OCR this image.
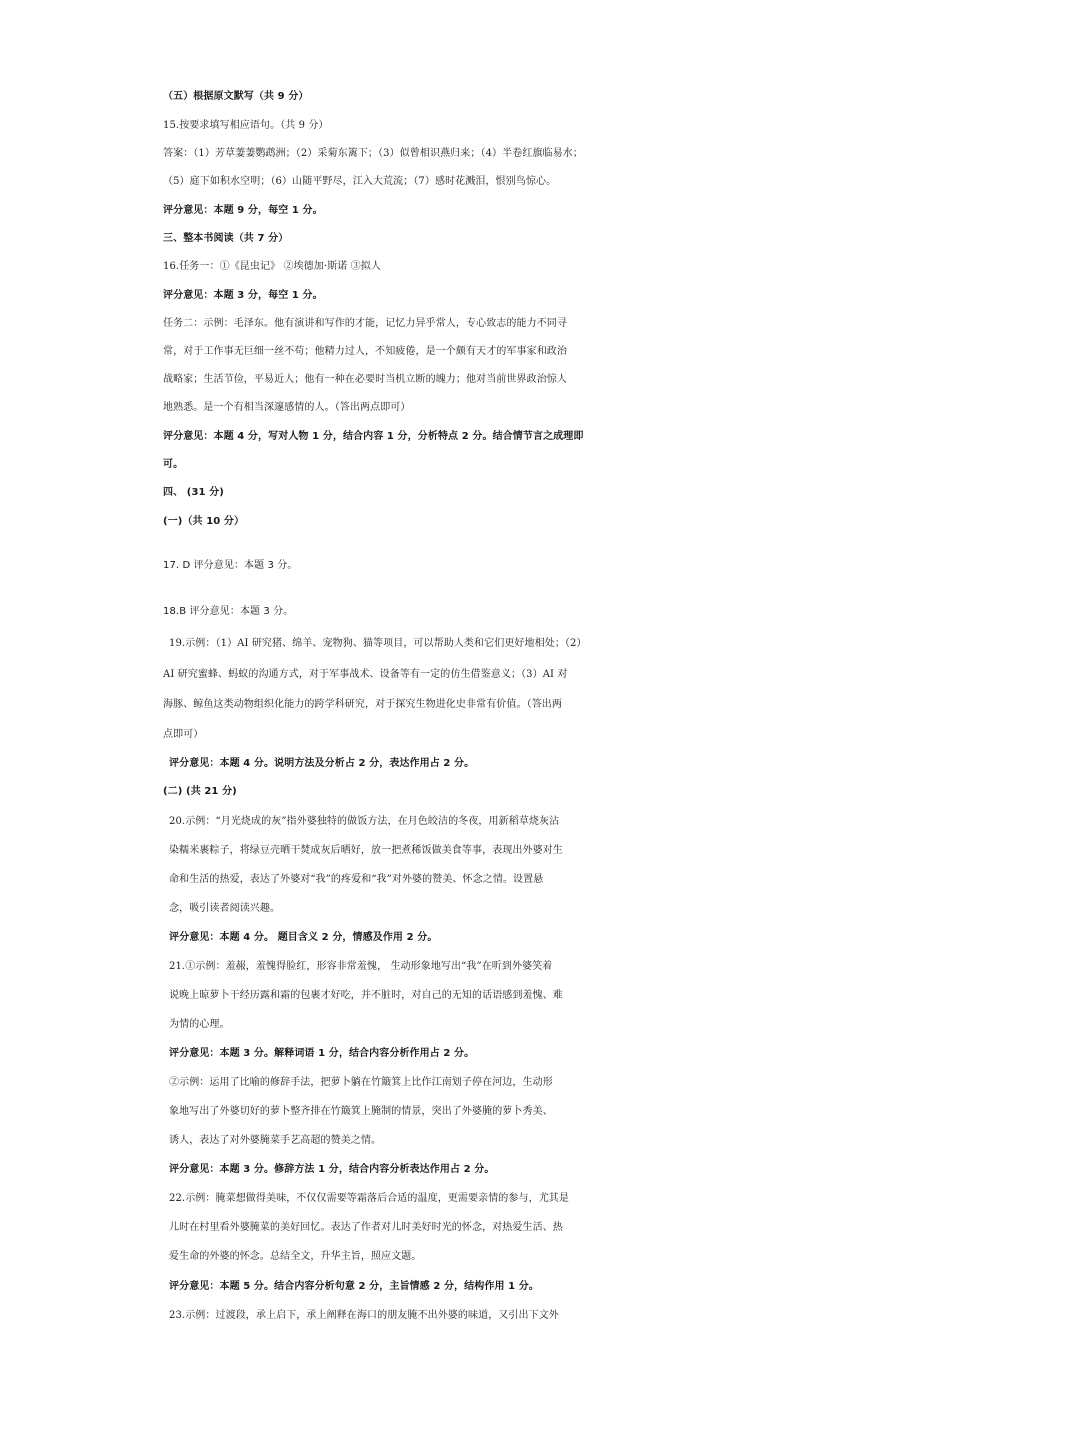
（五）根据原文默写（共 9 分）
15.按要求填写相应语句。（共 9 分）
答案：（1）芳草萋萋鹦鹉洲；（2）采菊东篱下；（3）似曾相识燕归来；（4）半卷红旗临易水；
（5）庭下如积水空明；（6）山随平野尽，江入大荒流；（7）感时花溅泪，恨别鸟惊心。
评分意见：本题 9 分，每空 1 分。
三、整本书阅读（共 7 分）
16.任务一：①《昆虫记》 ②埃德加·斯诺 ③拟人
评分意见：本题 3 分，每空 1 分。
任务二：示例：毛泽东。他有演讲和写作的才能，记忆力异乎常人，专心致志的能力不同寻
常，对于工作事无巨细一丝不苟；他精力过人，不知疲倦，是一个颇有天才的军事家和政治
战略家；生活节俭，平易近人；他有一种在必要时当机立断的魄力；他对当前世界政治惊人
地熟悉。是一个有相当深邃感情的人。（答出两点即可）
评分意见：本题 4 分，写对人物 1 分，结合内容 1 分，分析特点 2 分。结合情节言之成理即
可。
四、 (31 分)
(一)（共 10 分）
17. D 评分意见：本题 3 分。
18.B 评分意见：本题 3 分。
19.示例：（1）AI 研究猪、绵羊、宠物狗、猫等项目，可以帮助人类和它们更好地相处；（2）
AI 研究蜜蜂、蚂蚁的沟通方式，对于军事战术、设备等有一定的仿生借鉴意义；（3）AI 对
海豚、鲸鱼这类动物组织化能力的跨学科研究，对于探究生物进化史非常有价值。（答出两
点即可）
评分意见：本题 4 分。说明方法及分析占 2 分，表达作用占 2 分。
(二) (共 21 分)
20.示例：“月光烧成的灰”指外婆独特的做饭方法，在月色皎洁的冬夜，用新稻草烧灰沾
染糯米裹粽子，将绿豆壳晒干焚成灰后晒好，放一把煮稀饭做美食等事，表现出外婆对生
命和生活的热爱，表达了外婆对“我”的疼爱和“我”对外婆的赞美、怀念之情。设置悬
念，吸引读者阅读兴趣。
评分意见：本题 4 分。 题目含义 2 分，情感及作用 2 分。
21.①示例：羞赧，羞愧得脸红，形容非常羞愧， 生动形象地写出“我”在听到外婆笑着
说晚上晾萝卜干经历露和霜的包裹才好吃，并不脏时，对自己的无知的话语感到羞愧、难
为情的心理。
评分意见：本题 3 分。解释词语 1 分，结合内容分析作用占 2 分。
②示例：运用了比喻的修辞手法，把萝卜躺在竹簸箕上比作江南划子停在河边，生动形
象地写出了外婆切好的萝卜整齐排在竹簸箕上腌制的情景，突出了外婆腌的萝卜秀美、
诱人，表达了对外婆腌菜手艺高超的赞美之情。
评分意见：本题 3 分。修辞方法 1 分，结合内容分析表达作用占 2 分。
22.示例：腌菜想做得美味，不仅仅需要等霜落后合适的温度，更需要亲情的参与，尤其是
儿时在村里看外婆腌菜的美好回忆。表达了作者对儿时美好时光的怀念，对热爱生活、热
爱生命的外婆的怀念。总结全文，升华主旨，照应文题。
评分意见：本题 5 分。结合内容分析句意 2 分，主旨情感 2 分，结构作用 1 分。
23.示例：过渡段，承上启下，承上阐释在海口的朋友腌不出外婆的味道，又引出下文外
